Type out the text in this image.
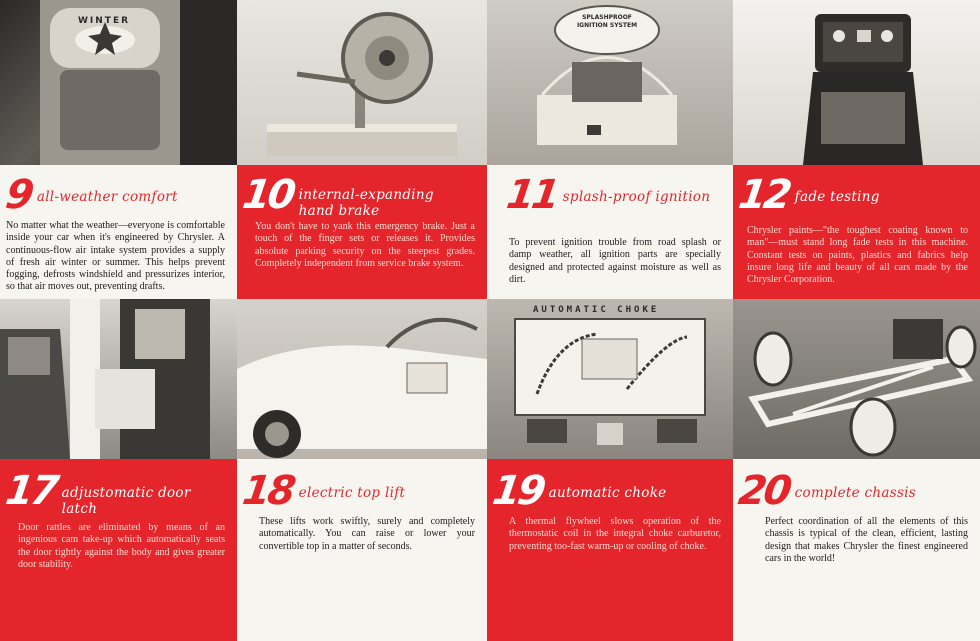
WINTER	SPLASHPROOF IGNITION SYSTEM
9 all-weather comfort

No matter what the weather—everyone is comfortable inside your car when it's engineered by Chrysler. A continuous-flow air intake system provides a supply of fresh air winter or summer. This helps prevent fogging, defrosts windshield and pressurizes interior, so that air moves out, preventing drafts.

10 internal-expanding hand brake

You don't have to yank this emergency brake. Just a touch of the finger sets or releases it. Provides absolute parking security on the steepest grades. Completely independent from service brake system.

11 splash-proof ignition

To prevent ignition trouble from road splash or damp weather, all ignition parts are specially designed and protected against moisture as well as dirt.

12 fade testing

Chrysler paints—"the toughest coating known to man"—must stand long fade tests in this machine. Constant tests on paints, plastics and fabrics help insure long life and beauty of all cars made by the Chrysler Corporation.

AUTOMATIC CHOKE
17 adjustomatic door latch

Door rattles are eliminated by means of an ingenious cam take-up which automatically seats the door tightly against the body and gives greater door stability.

18 electric top lift

These lifts work swiftly, surely and completely automatically. You can raise or lower your convertible top in a matter of seconds.

19 automatic choke

A thermal flywheel slows operation of the thermostatic coil in the integral choke carburetor, preventing too-fast warm-up or cooling of choke.

20 complete chassis

Perfect coordination of all the elements of this chassis is typical of the clean, efficient, lasting design that makes Chrysler the finest engineered cars in the world!
